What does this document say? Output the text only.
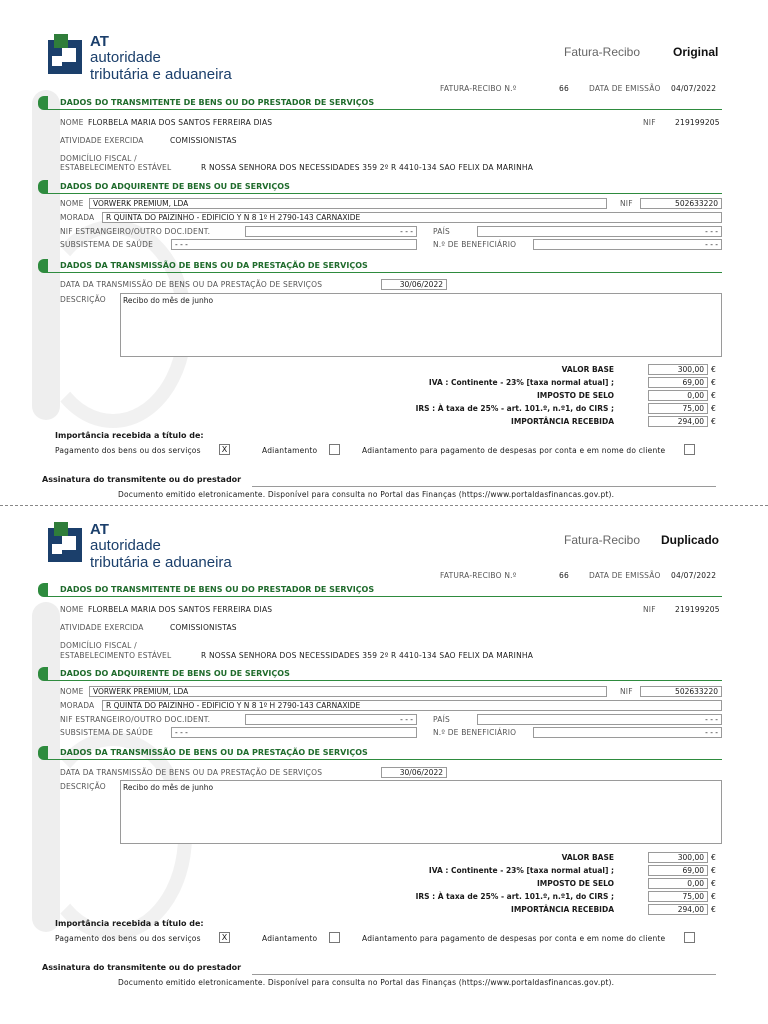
AT
autoridade
tributária e aduaneira
Fatura-Recibo	Original
FATURA-RECIBO N.º	66	DATA DE EMISSÃO 04/07/2022
DADOS DO TRANSMITENTE DE BENS OU DO PRESTADOR DE SERVIÇOS
NOME FLORBELA MARIA DOS SANTOS FERREIRA DIAS	NIF	219199205
ATIVIDADE EXERCIDA	COMISSIONISTAS
DOMICÍLIO FISCAL /
ESTABELECIMENTO ESTÁVEL	R NOSSA SENHORA DOS NECESSIDADES 359 2º R 4410-134 SAO FELIX DA MARINHA
DADOS DO ADQUIRENTE DE BENS OU DE SERVIÇOS
NOME	VORWERK PREMIUM, LDA	NIF	502633220
MORADA	R QUINTA DO PAIZINHO - EDIFICIO Y N 8 1º H 2790-143 CARNAXIDE
NIF ESTRANGEIRO/OUTRO DOC.IDENT.	- - -	PAÍS	- - -
SUBSISTEMA DE SAÚDE	- - -	N.º DE BENEFICIÁRIO	- - -
DADOS DA TRANSMISSÃO DE BENS OU DA PRESTAÇÃO DE SERVIÇOS
DATA DA TRANSMISSÃO DE BENS OU DA PRESTAÇÃO DE SERVIÇOS	30/06/2022
DESCRIÇÃO	Recibo do mês de junho
VALOR BASE	300,00 €
IVA : Continente - 23% [taxa normal atual] ;	69,00 €
IMPOSTO DE SELO	0,00 €
IRS : À taxa de 25% - art. 101.º, n.º1, do CIRS ;	75,00 €
IMPORTÂNCIA RECEBIDA	294,00 €
Importância recebida a título de:
Pagamento dos bens ou dos serviços	X	Adiantamento	Adiantamento para pagamento de despesas por conta e em nome do cliente
Assinatura do transmitente ou do prestador
Documento emitido eletronicamente. Disponível para consulta no Portal das Finanças (https://www.portaldasfinancas.gov.pt).
AT
autoridade
tributária e aduaneira
Fatura-Recibo Duplicado
FATURA-RECIBO N.º	66	DATA DE EMISSÃO 04/07/2022
DADOS DO TRANSMITENTE DE BENS OU DO PRESTADOR DE SERVIÇOS
NOME FLORBELA MARIA DOS SANTOS FERREIRA DIAS	NIF	219199205
ATIVIDADE EXERCIDA	COMISSIONISTAS
DOMICÍLIO FISCAL /
ESTABELECIMENTO ESTÁVEL	R NOSSA SENHORA DOS NECESSIDADES 359 2º R 4410-134 SAO FELIX DA MARINHA
DADOS DO ADQUIRENTE DE BENS OU DE SERVIÇOS
NOME	VORWERK PREMIUM, LDA	NIF	502633220
MORADA	R QUINTA DO PAIZINHO - EDIFICIO Y N 8 1º H 2790-143 CARNAXIDE
NIF ESTRANGEIRO/OUTRO DOC.IDENT.	- - -	PAÍS	- - -
SUBSISTEMA DE SAÚDE	- - -	N.º DE BENEFICIÁRIO	- - -
DADOS DA TRANSMISSÃO DE BENS OU DA PRESTAÇÃO DE SERVIÇOS
DATA DA TRANSMISSÃO DE BENS OU DA PRESTAÇÃO DE SERVIÇOS	30/06/2022
DESCRIÇÃO	Recibo do mês de junho
VALOR BASE	300,00 €
IVA : Continente - 23% [taxa normal atual] ;	69,00 €
IMPOSTO DE SELO	0,00 €
IRS : À taxa de 25% - art. 101.º, n.º1, do CIRS ;	75,00 €
IMPORTÂNCIA RECEBIDA	294,00 €
Importância recebida a título de:
Pagamento dos bens ou dos serviços	X	Adiantamento	Adiantamento para pagamento de despesas por conta e em nome do cliente
Assinatura do transmitente ou do prestador
Documento emitido eletronicamente. Disponível para consulta no Portal das Finanças (https://www.portaldasfinancas.gov.pt).
